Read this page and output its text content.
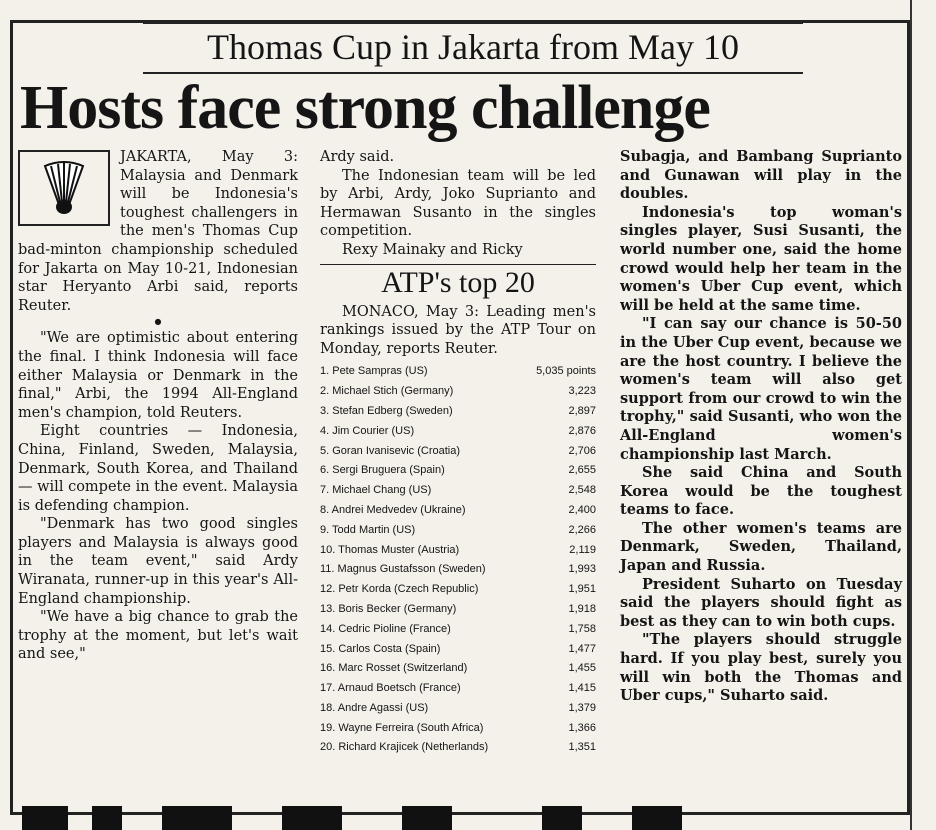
Thomas Cup in Jakarta from May 10
Hosts face strong challenge

JAKARTA, May 3: Malaysia and Denmark will be Indonesia's toughest challengers in the men's Thomas Cup bad-minton championship scheduled for Jakarta on May 10-21, Indonesian star Heryanto Arbi said, reports Reuter.

●

"We are optimistic about entering the final. I think Indonesia will face either Malaysia or Denmark in the final," Arbi, the 1994 All-England men's champion, told Reuters.

Eight countries — Indonesia, China, Finland, Sweden, Malaysia, Denmark, South Korea, and Thailand — will compete in the event. Malaysia is defending champion.

"Denmark has two good singles players and Malaysia is always good in the team event," said Ardy Wiranata, runner-up in this year's All-England championship.

"We have a big chance to grab the trophy at the moment, but let's wait and see,"

Ardy said.

The Indonesian team will be led by Arbi, Ardy, Joko Suprianto and Hermawan Susanto in the singles competition.

Rexy Mainaky and Ricky

ATP's top 20

MONACO, May 3: Leading men's rankings issued by the ATP Tour on Monday, reports Reuter.

1. Pete Sampras (US)	5,035 points
2. Michael Stich (Germany)	3,223
3. Stefan Edberg (Sweden)	2,897
4. Jim Courier (US)	2,876
5. Goran Ivanisevic (Croatia)	2,706
6. Sergi Bruguera (Spain)	2,655
7. Michael Chang (US)	2,548
8. Andrei Medvedev (Ukraine)	2,400
9. Todd Martin (US)	2,266
10. Thomas Muster (Austria)	2,119
11. Magnus Gustafsson (Sweden)	1,993
12. Petr Korda (Czech Republic)	1,951
13. Boris Becker (Germany)	1,918
14. Cedric Pioline (France)	1,758
15. Carlos Costa (Spain)	1,477
16. Marc Rosset (Switzerland)	1,455
17. Arnaud Boetsch (France)	1,415
18. Andre Agassi (US)	1,379
19. Wayne Ferreira (South Africa)	1,366
20. Richard Krajicek (Netherlands)	1,351

Subagja, and Bambang Suprianto and Gunawan will play in the doubles.

Indonesia's top woman's singles player, Susi Susanti, the world number one, said the home crowd would help her team in the women's Uber Cup event, which will be held at the same time.

"I can say our chance is 50-50 in the Uber Cup event, because we are the host country. I believe the women's team will also get support from our crowd to win the trophy," said Susanti, who won the All-England women's championship last March.

She said China and South Korea would be the toughest teams to face.

The other women's teams are Denmark, Sweden, Thailand, Japan and Russia.

President Suharto on Tuesday said the players should fight as best as they can to win both cups.

"The players should struggle hard. If you play best, surely you will win both the Thomas and Uber cups," Suharto said.
